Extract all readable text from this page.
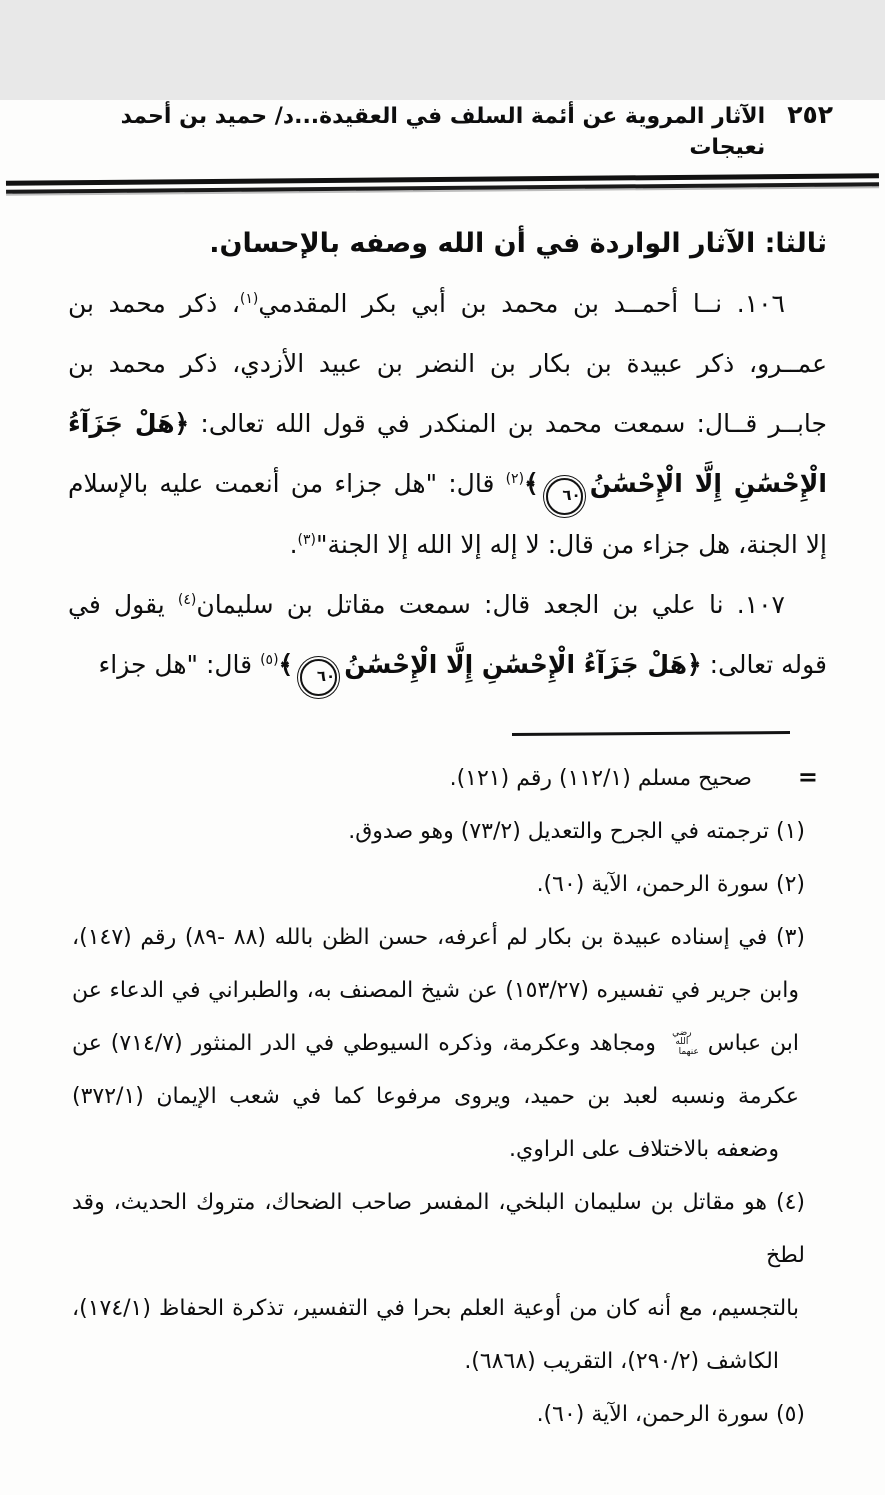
٢٥٢
الآثار المروية عن أئمة السلف في العقيدة...د/ حميد بن أحمد نعيجات
ثالثا: الآثار الواردة في أن الله وصفه بالإحسان.
١٠٦. نــا أحمــد بن محمد بن أبي بكر المقدمي$^{(١)}$، ذكر محمد بن
عمــرو، ذكر عبيدة بن بكار بن النضر بن عبيد الأزدي، ذكر محمد بن
جابــر قــال: سمعت محمد بن المنكدر في قول الله تعالى: ﴿هَلْ جَزَآءُ
الْإِحْسَٰنِ إِلَّا الْإِحْسَٰنُ٦٠﴾$^{(٢)}$ قال: "هل جزاء من أنعمت عليه بالإسلام
إلا الجنة، هل جزاء من قال: لا إله إلا الله إلا الجنة"$^{(٣)}$.
١٠٧. نا علي بن الجعد قال: سمعت مقاتل بن سليمان$^{(٤)}$ يقول في
قوله تعالى: ﴿هَلْ جَزَآءُ الْإِحْسَٰنِ إِلَّا الْإِحْسَٰنُ٦٠﴾$^{(٥)}$ قال: "هل جزاء
=
صحيح مسلم (١١٢/١) رقم (١٢١).
(١) ترجمته في الجرح والتعديل (٧٣/٢) وهو صدوق.
(٢) سورة الرحمن، الآية (٦٠).
(٣) في إسناده عبيدة بن بكار لم أعرفه، حسن الظن بالله (٨٨ -٨٩) رقم (١٤٧)،
وابن جرير في تفسيره (١٥٣/٢٧) عن شيخ المصنف به، والطبراني في الدعاء عن
ابن عباس رضي الله عنهما ومجاهد وعكرمة، وذكره السيوطي في الدر المنثور (٧١٤/٧) عن
عكرمة ونسبه لعبد بن حميد، ويروى مرفوعا كما في شعب الإيمان (٣٧٢/١)
وضعفه بالاختلاف على الراوي.
(٤) هو مقاتل بن سليمان البلخي، المفسر صاحب الضحاك، متروك الحديث، وقد لطخ
بالتجسيم، مع أنه كان من أوعية العلم بحرا في التفسير، تذكرة الحفاظ (١٧٤/١)،
الكاشف (٢٩٠/٢)، التقريب (٦٨٦٨).
(٥) سورة الرحمن، الآية (٦٠).
